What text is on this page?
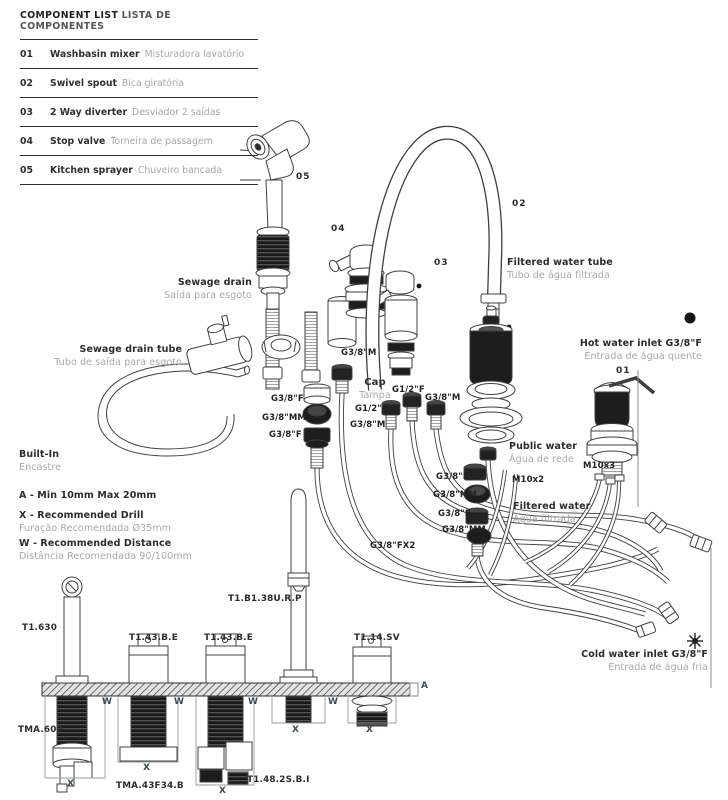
COMPONENT LIST LISTA DE COMPONENTES
01	Washbasin mixer Misturadora lavatório
02	Swivel spout Bica giratória
03	2 Way diverter Desviador 2 saídas
04	Stop valve Torneira de passagem
05	Kitchen sprayer Chuveiro bancada
05
04
03
02
01
Sewage drain
Saída para esgoto
Sewage drain tube
Tubo de saída para esgoto
Filtered water tube
Tubo de água filtrada
Hot water inlet G3/8"F
Entrada de água quente
Public water
Água de rede
Filtered water
Água filtrada
Cold water inlet G3/8"F
Entrada de água fria
Built-In
Encastre
Cap
Tampa
A - Min 10mm Max 20mm
X - Recommended Drill
Furação Recomendada Ø35mm
W - Recommended Distance
Distância Recomendada 90/100mm
G3/8"M
G3/8"F
G3/8"MM
G3/8"F
G1/2"F
G3/8"M
G1/2"F
G3/8"M
G3/8"F
G3/8"MM
G3/8"F
G3/8"MM
G3/8"FX2
M10x2
M10x3
T1.630
T1.43.B.E	T1.43.B.E
T1.B1.38U.R.P
T1.14.SV
TMA.600
TMA.43F34.B
T1.48.2S.B.I
W	W	W	W
X
X
X
X	X
A
